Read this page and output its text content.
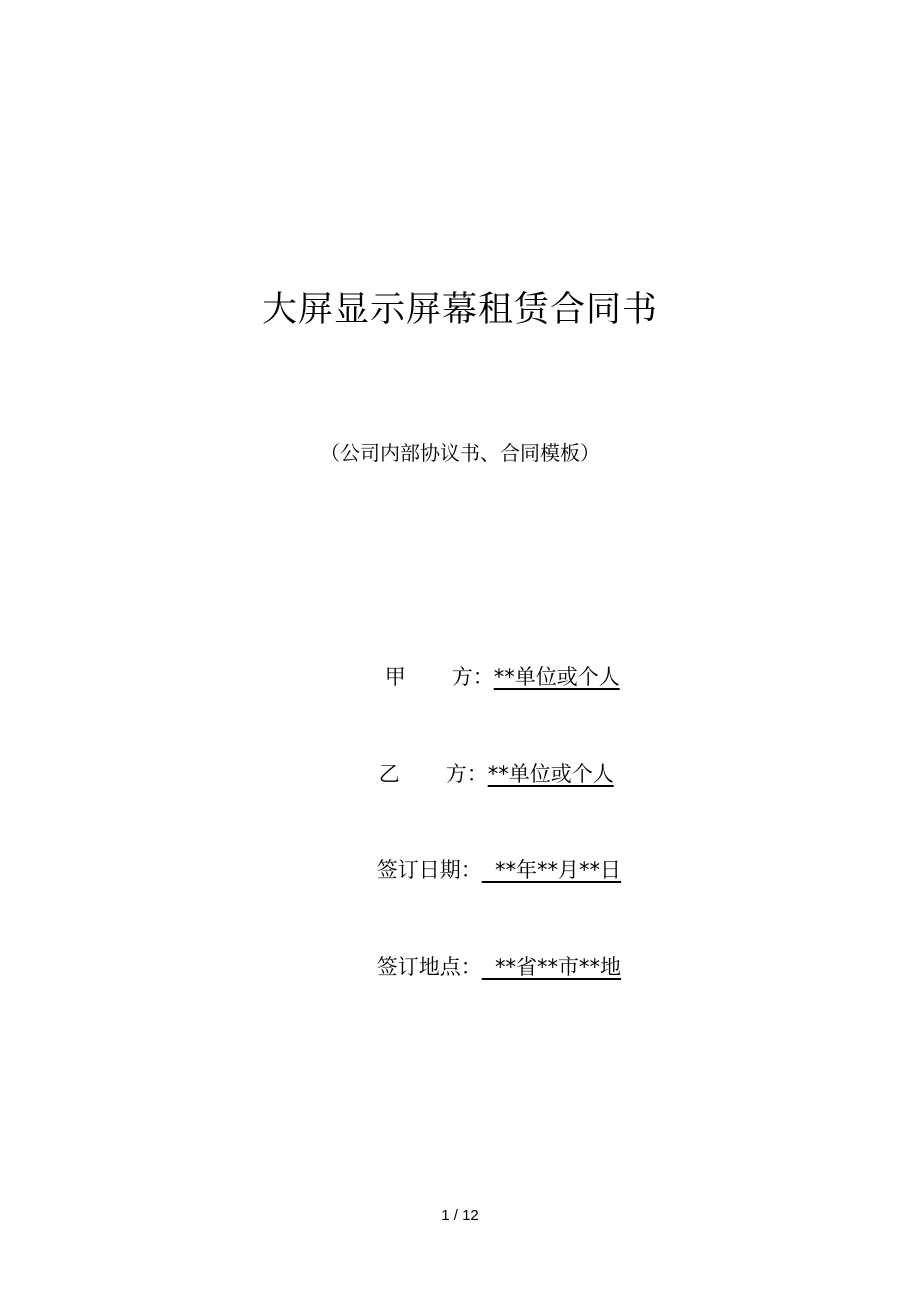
大屏显示屏幕租赁合同书
（公司内部协议书、合同模板）

甲 方：**单位或个人

乙 方：**单位或个人

签订日期：  **年**月**日

签订地点：  **省**市**地

1 / 12
